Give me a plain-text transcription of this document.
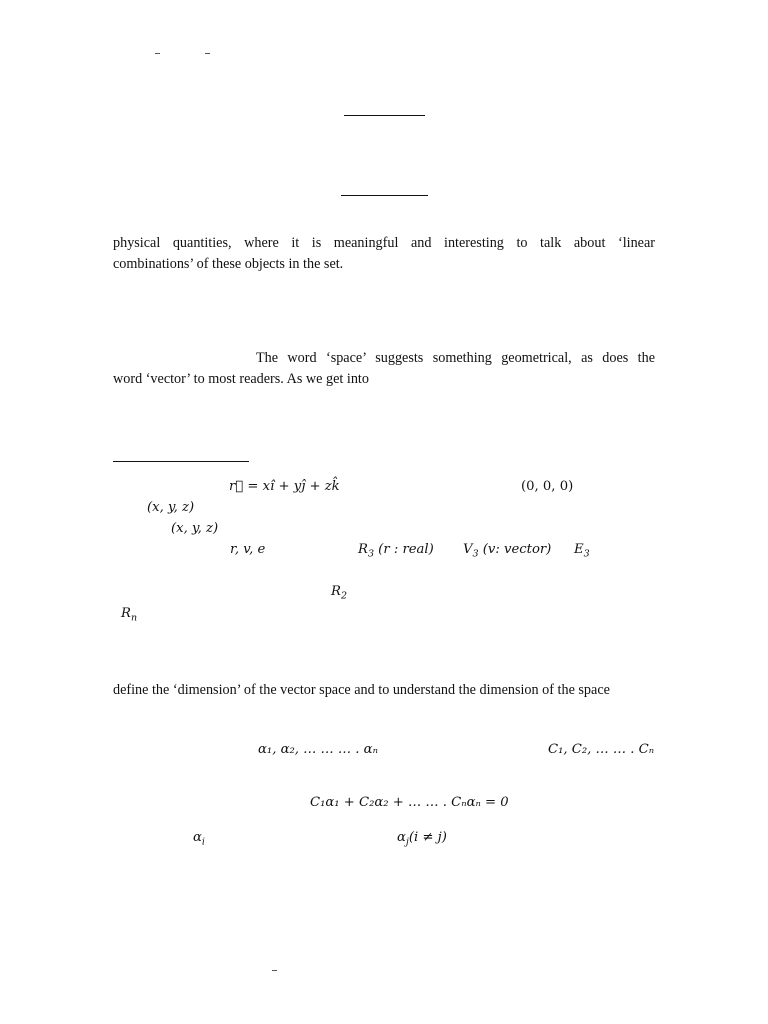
physical quantities, where it is meaningful and interesting to talk about ‘linear
combinations’ of these objects in the set.
The word ‘space’ suggests something geometrical, as does the
word ‘vector’ to most readers. As we get into
r⃗ = xî + yĵ + zk̂	(0, 0, 0)
(x, y, z)
(x, y, z)
r, v, e	$R_3$ (r : real) $V_3$ (v: vector) $E_3$
$R_2$
$R_n$
define the ‘dimension’ of the vector space and to understand the dimension of the space
α₁, α₂, … … … . αₙ	C₁, C₂, … … . Cₙ
C₁α₁ + C₂α₂ + … … . Cₙαₙ = 0
$\alpha_i$	$\alpha_j(i \ne j)$
